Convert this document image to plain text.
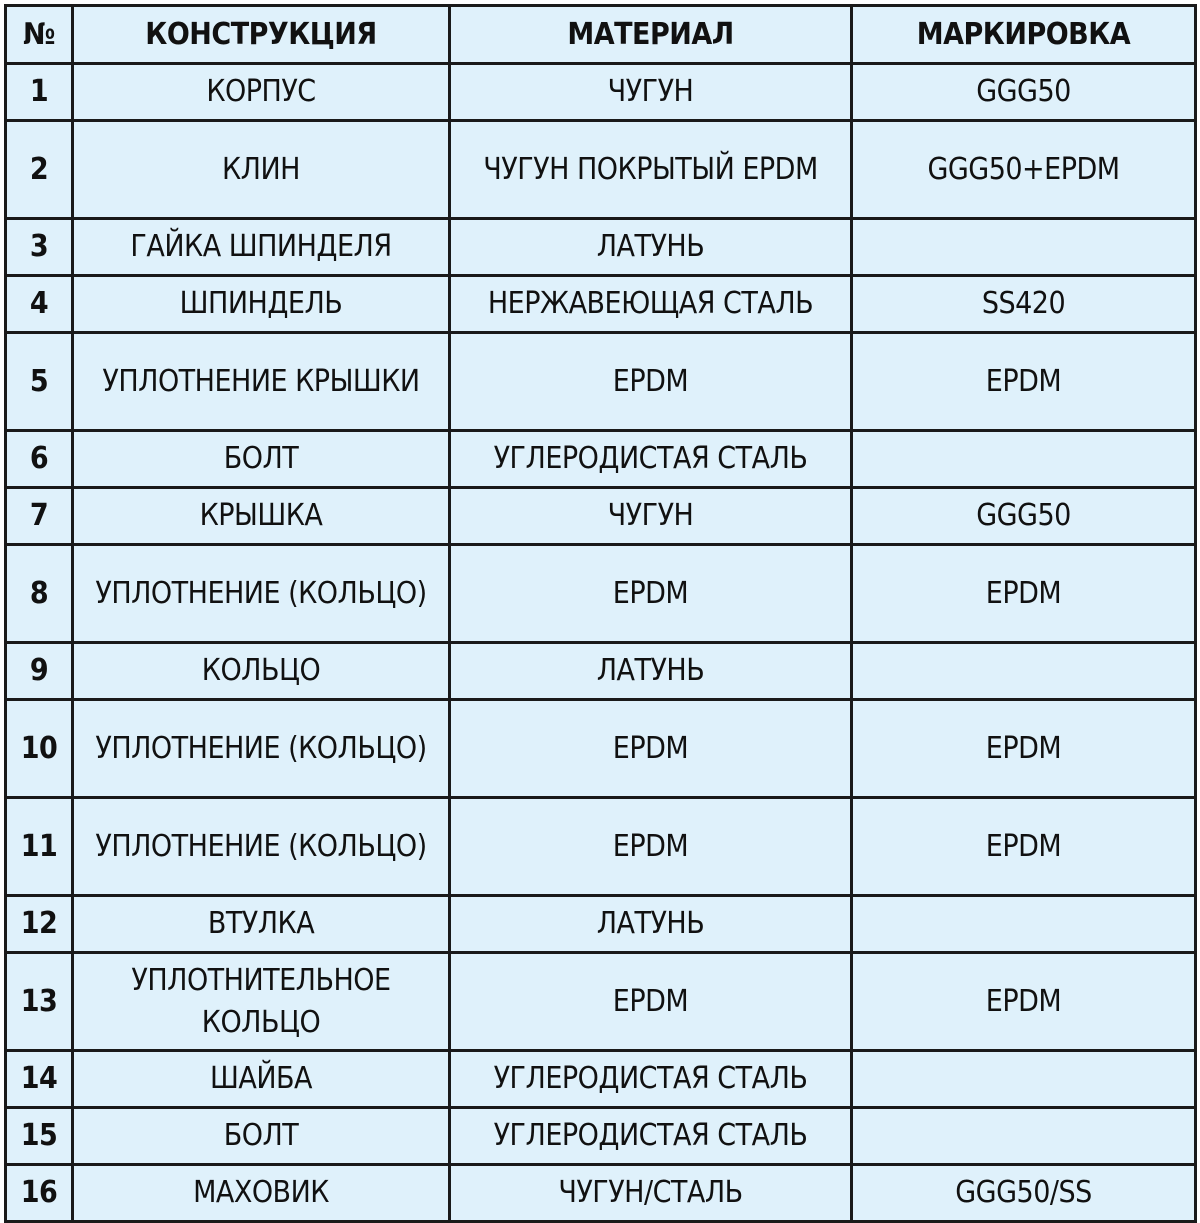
№	КОНСТРУКЦИЯ	МАТЕРИАЛ	МАРКИРОВКА
1	КОРПУС	ЧУГУН	GGG50
2	КЛИН	ЧУГУН ПОКРЫТЫЙ EPDM	GGG50+EPDM
3	ГАЙКА ШПИНДЕЛЯ	ЛАТУНЬ	
4	ШПИНДЕЛЬ	НЕРЖАВЕЮЩАЯ СТАЛЬ	SS420
5	УПЛОТНЕНИЕ КРЫШКИ	EPDM	EPDM
6	БОЛТ	УГЛЕРОДИСТАЯ СТАЛЬ	
7	КРЫШКА	ЧУГУН	GGG50
8	УПЛОТНЕНИЕ (КОЛЬЦО)	EPDM	EPDM
9	КОЛЬЦО	ЛАТУНЬ	
10	УПЛОТНЕНИЕ (КОЛЬЦО)	EPDM	EPDM
11	УПЛОТНЕНИЕ (КОЛЬЦО)	EPDM	EPDM
12	ВТУЛКА	ЛАТУНЬ	
13	УПЛОТНИТЕЛЬНОЕ КОЛЬЦО	EPDM	EPDM
14	ШАЙБА	УГЛЕРОДИСТАЯ СТАЛЬ	
15	БОЛТ	УГЛЕРОДИСТАЯ СТАЛЬ	
16	МАХОВИК	ЧУГУН/СТАЛЬ	GGG50/SS
